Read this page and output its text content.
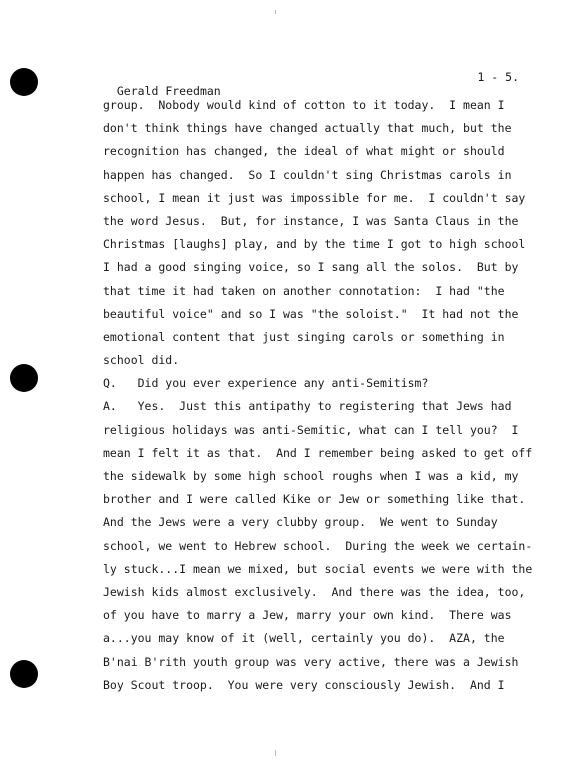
Gerald Freedman

1 - 5.

group.  Nobody would kind of cotton to it today.  I mean I
don't think things have changed actually that much, but the
recognition has changed, the ideal of what might or should
happen has changed.  So I couldn't sing Christmas carols in
school, I mean it just was impossible for me.  I couldn't say
the word Jesus.  But, for instance, I was Santa Claus in the
Christmas [laughs] play, and by the time I got to high school
I had a good singing voice, so I sang all the solos.  But by
that time it had taken on another connotation:  I had "the
beautiful voice" and so I was "the soloist."  It had not the
emotional content that just singing carols or something in
school did.
Q.   Did you ever experience any anti-Semitism?
A.   Yes.  Just this antipathy to registering that Jews had
religious holidays was anti-Semitic, what can I tell you?  I
mean I felt it as that.  And I remember being asked to get off
the sidewalk by some high school roughs when I was a kid, my
brother and I were called Kike or Jew or something like that.
And the Jews were a very clubby group.  We went to Sunday
school, we went to Hebrew school.  During the week we certain-
ly stuck...I mean we mixed, but social events we were with the
Jewish kids almost exclusively.  And there was the idea, too,
of you have to marry a Jew, marry your own kind.  There was
a...you may know of it (well, certainly you do).  AZA, the
B'nai B'rith youth group was very active, there was a Jewish
Boy Scout troop.  You were very consciously Jewish.  And I
